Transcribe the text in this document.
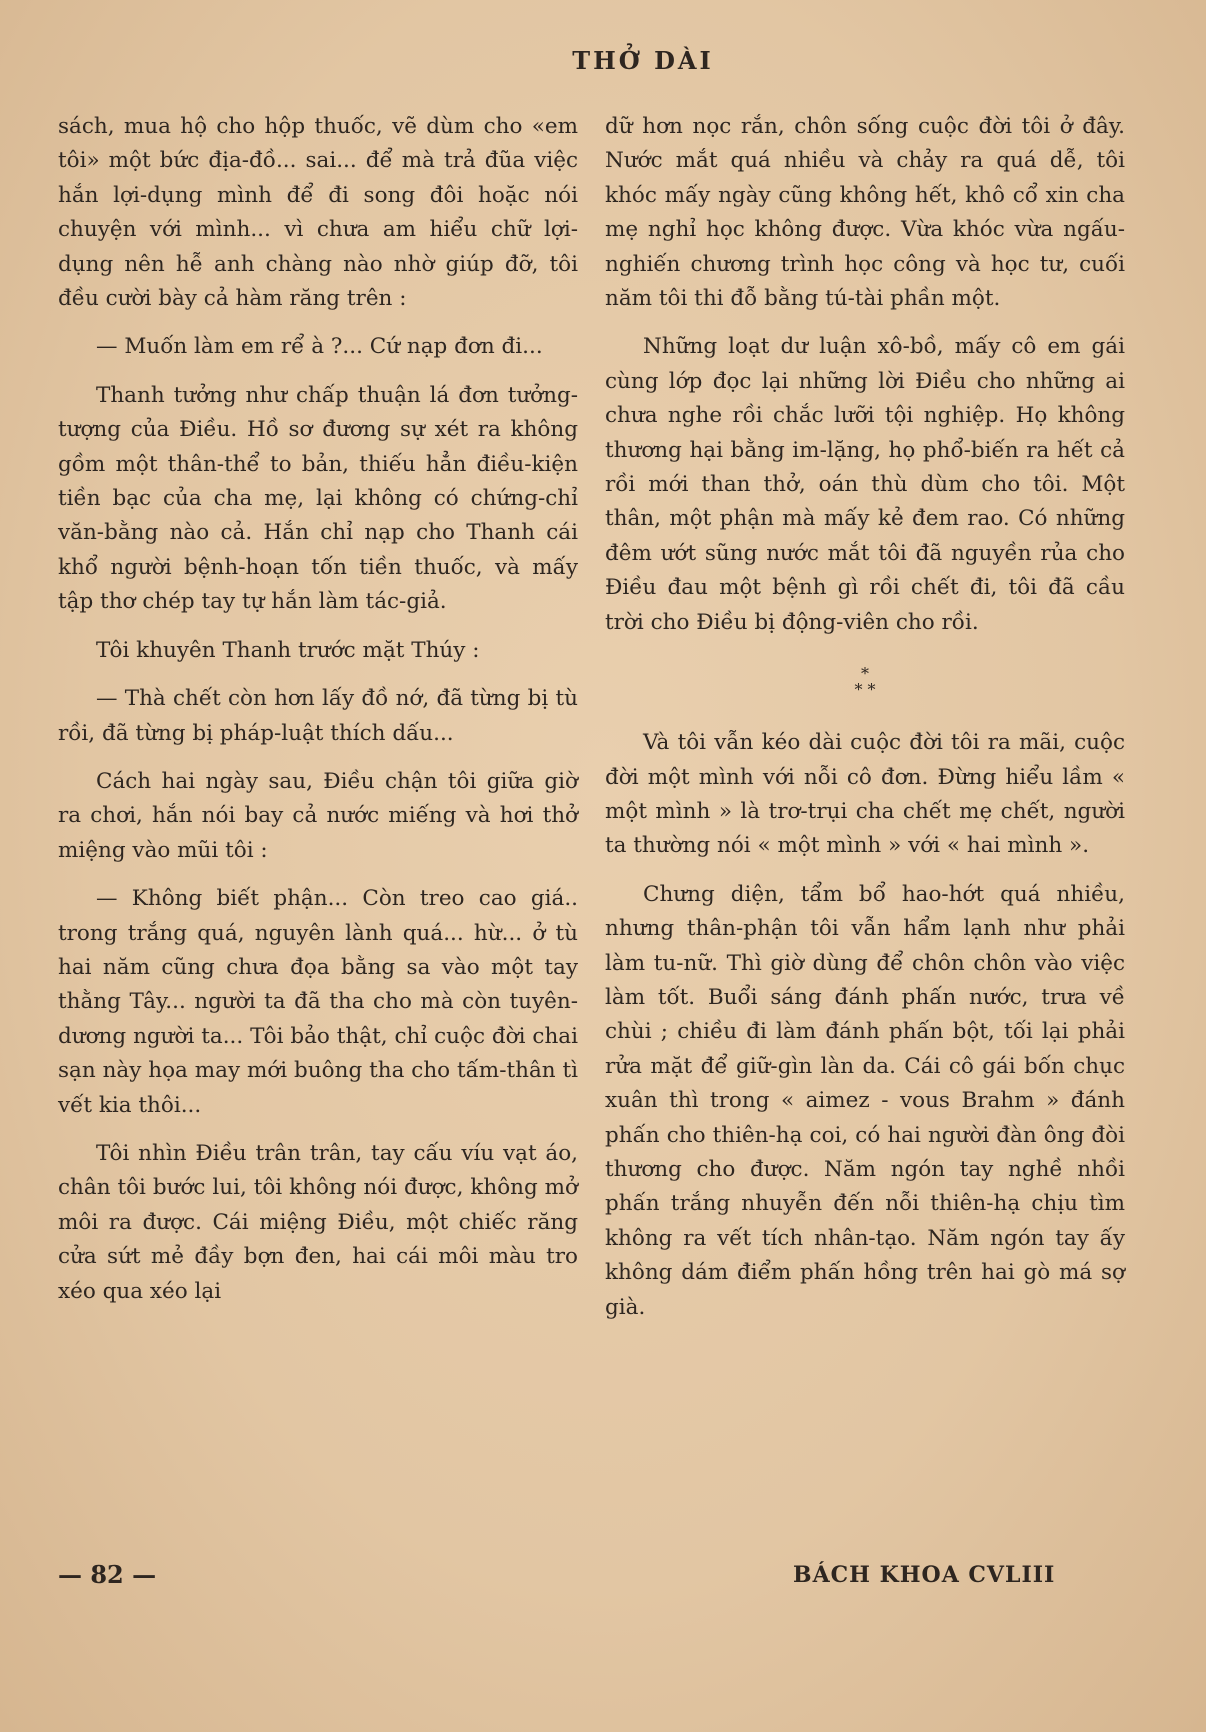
THỞ DÀI

sách, mua hộ cho hộp thuốc, vẽ dùm cho «em tôi» một bức địa-đồ... sai... để mà trả đũa việc hắn lợi-dụng mình để đi song đôi hoặc nói chuyện với mình... vì chưa am hiểu chữ lợi-dụng nên hễ anh chàng nào nhờ giúp đỡ, tôi đều cười bày cả hàm răng trên :

— Muốn làm em rể à ?... Cứ nạp đơn đi...

Thanh tưởng như chấp thuận lá đơn tưởng-tượng của Điều. Hồ sơ đương sự xét ra không gồm một thân-thể to bản, thiếu hẳn điều-kiện tiền bạc của cha mẹ, lại không có chứng-chỉ văn-bằng nào cả. Hắn chỉ nạp cho Thanh cái khổ người bệnh-hoạn tốn tiền thuốc, và mấy tập thơ chép tay tự hắn làm tác-giả.

Tôi khuyên Thanh trước mặt Thúy :

— Thà chết còn hơn lấy đồ nớ, đã từng bị tù rồi, đã từng bị pháp-luật thích dấu...

Cách hai ngày sau, Điều chận tôi giữa giờ ra chơi, hắn nói bay cả nước miếng và hơi thở miệng vào mũi tôi :

— Không biết phận... Còn treo cao giá.. trong trắng quá, nguyên lành quá... hừ... ở tù hai năm cũng chưa đọa bằng sa vào một tay thằng Tây... người ta đã tha cho mà còn tuyên-dương người ta... Tôi bảo thật, chỉ cuộc đời chai sạn này họa may mới buông tha cho tấm-thân tì vết kia thôi...

Tôi nhìn Điều trân trân, tay cấu víu vạt áo, chân tôi bước lui, tôi không nói được, không mở môi ra được. Cái miệng Điều, một chiếc răng cửa sứt mẻ đầy bợn đen, hai cái môi màu tro xéo qua xéo lại

dữ hơn nọc rắn, chôn sống cuộc đời tôi ở đây. Nước mắt quá nhiều và chảy ra quá dễ, tôi khóc mấy ngày cũng không hết, khô cổ xin cha mẹ nghỉ học không được. Vừa khóc vừa ngấu-nghiến chương trình học công và học tư, cuối năm tôi thi đỗ bằng tú-tài phần một.

Những loạt dư luận xô-bồ, mấy cô em gái cùng lớp đọc lại những lời Điều cho những ai chưa nghe rồi chắc lưỡi tội nghiệp. Họ không thương hại bằng im-lặng, họ phổ-biến ra hết cả rồi mới than thở, oán thù dùm cho tôi. Một thân, một phận mà mấy kẻ đem rao. Có những đêm ướt sũng nước mắt tôi đã nguyền rủa cho Điều đau một bệnh gì rồi chết đi, tôi đã cầu trời cho Điều bị động-viên cho rồi.

*
* *

Và tôi vẫn kéo dài cuộc đời tôi ra mãi, cuộc đời một mình với nỗi cô đơn. Đừng hiểu lầm « một mình » là trơ-trụi cha chết mẹ chết, người ta thường nói « một mình » với « hai mình ».

Chưng diện, tẩm bổ hao-hớt quá nhiều, nhưng thân-phận tôi vẫn hẩm lạnh như phải làm tu-nữ. Thì giờ dùng để chôn chôn vào việc làm tốt. Buổi sáng đánh phấn nước, trưa về chùi ; chiều đi làm đánh phấn bột, tối lại phải rửa mặt để giữ-gìn làn da. Cái cô gái bốn chục xuân thì trong « aimez - vous Brahm » đánh phấn cho thiên-hạ coi, có hai người đàn ông đòi thương cho được. Năm ngón tay nghề nhồi phấn trắng nhuyễn đến nỗi thiên-hạ chịu tìm không ra vết tích nhân-tạo. Năm ngón tay ấy không dám điểm phấn hồng trên hai gò má sợ già.

— 82 —	BÁCH KHOA CVLIII
